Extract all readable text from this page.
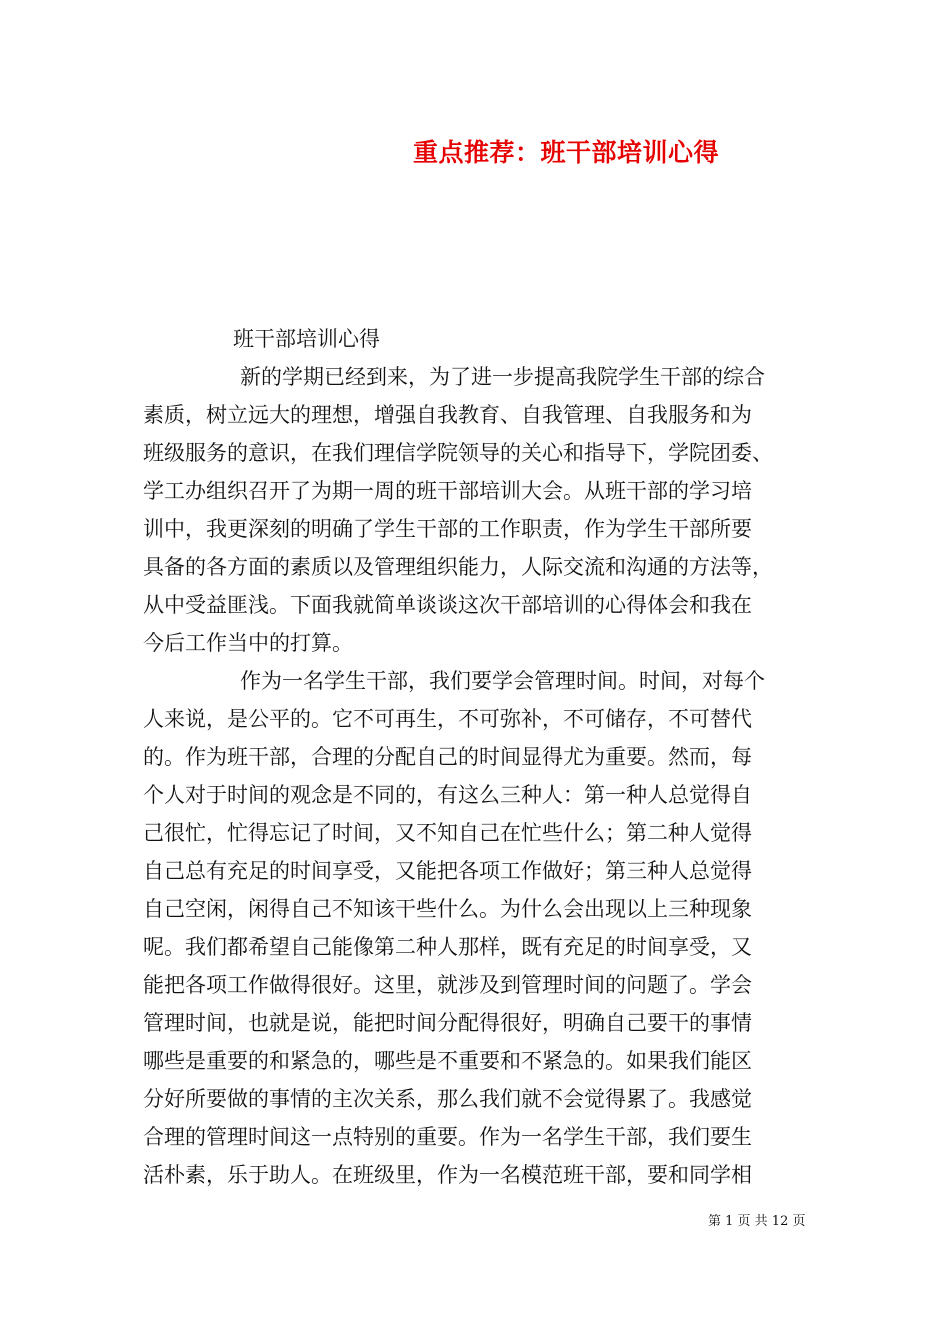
重点推荐：班干部培训心得
班干部培训心得
新的学期已经到来，为了进一步提高我院学生干部的综合
素质，树立远大的理想，增强自我教育、自我管理、自我服务和为
班级服务的意识，在我们理信学院领导的关心和指导下，学院团委、
学工办组织召开了为期一周的班干部培训大会。从班干部的学习培
训中，我更深刻的明确了学生干部的工作职责，作为学生干部所要
具备的各方面的素质以及管理组织能力，人际交流和沟通的方法等，
从中受益匪浅。下面我就简单谈谈这次干部培训的心得体会和我在
今后工作当中的打算。
作为一名学生干部，我们要学会管理时间。时间，对每个
人来说，是公平的。它不可再生，不可弥补，不可储存，不可替代
的。作为班干部，合理的分配自己的时间显得尤为重要。然而，每
个人对于时间的观念是不同的，有这么三种人：第一种人总觉得自
己很忙，忙得忘记了时间，又不知自己在忙些什么；第二种人觉得
自己总有充足的时间享受，又能把各项工作做好；第三种人总觉得
自己空闲，闲得自己不知该干些什么。为什么会出现以上三种现象
呢。我们都希望自己能像第二种人那样，既有充足的时间享受，又
能把各项工作做得很好。这里，就涉及到管理时间的问题了。学会
管理时间，也就是说，能把时间分配得很好，明确自己要干的事情
哪些是重要的和紧急的，哪些是不重要和不紧急的。如果我们能区
分好所要做的事情的主次关系，那么我们就不会觉得累了。我感觉
合理的管理时间这一点特别的重要。作为一名学生干部，我们要生
活朴素，乐于助人。在班级里，作为一名模范班干部，要和同学相
第 1 页 共 12 页
